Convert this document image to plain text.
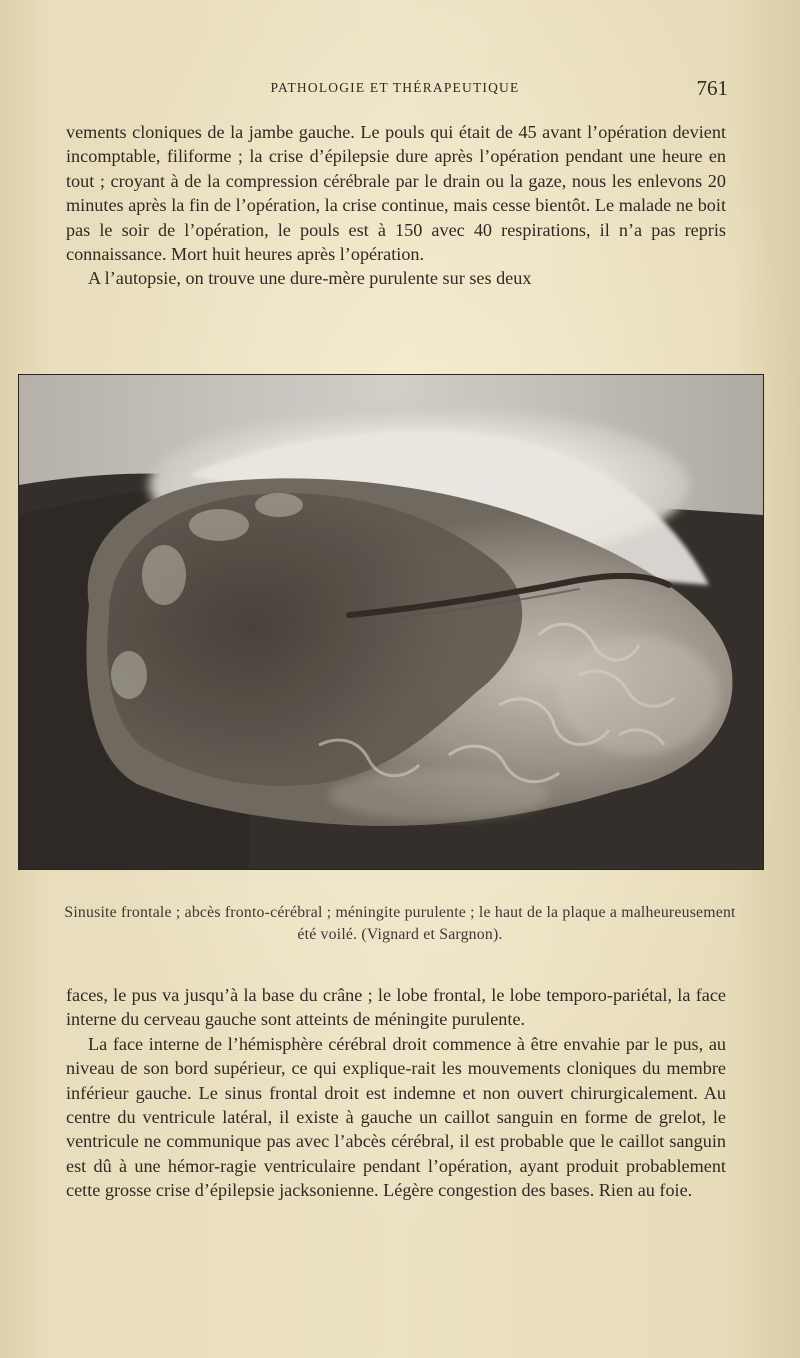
PATHOLOGIE ET THÉRAPEUTIQUE	761

vements cloniques de la jambe gauche. Le pouls qui était de 45 avant l’opération devient incomptable, filiforme ; la crise d’épilepsie dure après l’opération pendant une heure en tout ; croyant à de la compression cérébrale par le drain ou la gaze, nous les enlevons 20 minutes après la fin de l’opération, la crise continue, mais cesse bientôt. Le malade ne boit pas le soir de l’opération, le pouls est à 150 avec 40 respirations, il n’a pas repris connaissance. Mort huit heures après l’opération.

A l’autopsie, on trouve une dure-mère purulente sur ses deux

Sinusite frontale ; abcès fronto-cérébral ; méningite purulente ; le haut de la plaque a malheureusement été voilé. (Vignard et Sargnon).

faces, le pus va jusqu’à la base du crâne ; le lobe frontal, le lobe temporo-pariétal, la face interne du cerveau gauche sont atteints de méningite purulente.

La face interne de l’hémisphère cérébral droit commence à être envahie par le pus, au niveau de son bord supérieur, ce qui explique-rait les mouvements cloniques du membre inférieur gauche. Le sinus frontal droit est indemne et non ouvert chirurgicalement. Au centre du ventricule latéral, il existe à gauche un caillot sanguin en forme de grelot, le ventricule ne communique pas avec l’abcès cérébral, il est probable que le caillot sanguin est dû à une hémor-ragie ventriculaire pendant l’opération, ayant produit probablement cette grosse crise d’épilepsie jacksonienne. Légère congestion des bases. Rien au foie.
